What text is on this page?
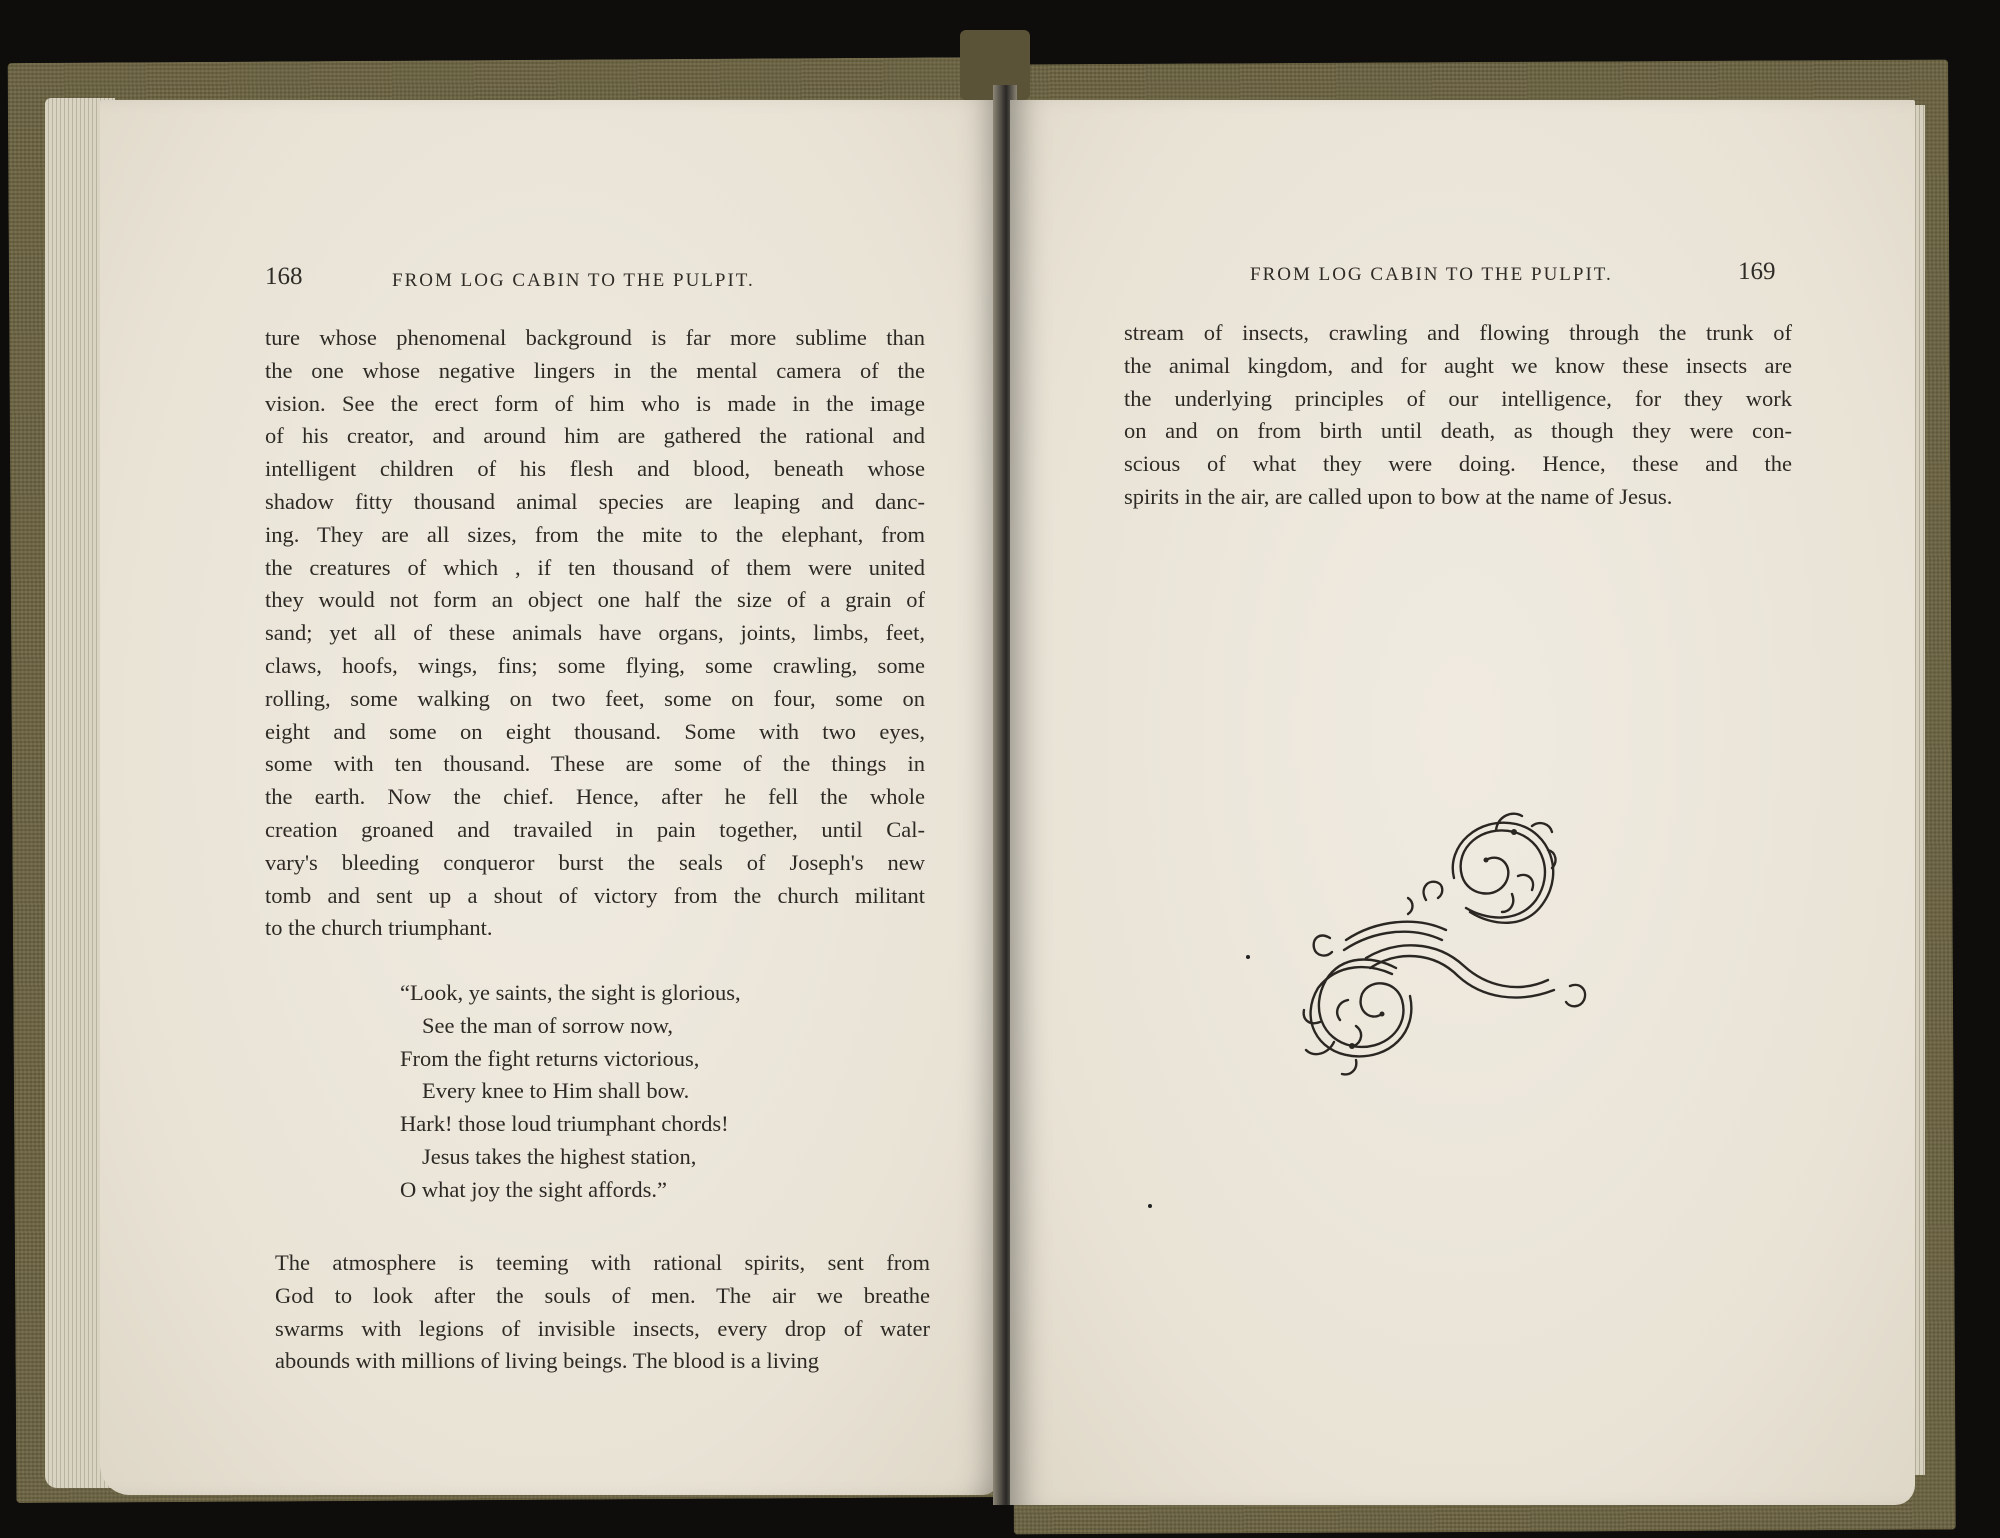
168	FROM LOG CABIN TO THE PULPIT.
ture whose phenomenal background is far more sublime than
the one whose negative lingers in the mental camera of the
vision. See the erect form of him who is made in the image
of his creator, and around him are gathered the rational and
intelligent children of his flesh and blood, beneath whose
shadow fitty thousand animal species are leaping and danc-
ing. They are all sizes, from the mite to the elephant, from
the creatures of which , if ten thousand of them were united
they would not form an object one half the size of a grain of
sand; yet all of these animals have organs, joints, limbs, feet,
claws, hoofs, wings, fins; some flying, some crawling, some
rolling, some walking on two feet, some on four, some on
eight and some on eight thousand. Some with two eyes,
some with ten thousand. These are some of the things in
the earth. Now the chief. Hence, after he fell the whole
creation groaned and travailed in pain together, until Cal-
vary's bleeding conqueror burst the seals of Joseph's new
tomb and sent up a shout of victory from the church militant
to the church triumphant.
“Look, ye saints, the sight is glorious,
See the man of sorrow now,
From the fight returns victorious,
Every knee to Him shall bow.
Hark! those loud triumphant chords!
Jesus takes the highest station,
O what joy the sight affords.”
The atmosphere is teeming with rational spirits, sent from
God to look after the souls of men. The air we breathe
swarms with legions of invisible insects, every drop of water
abounds with millions of living beings. The blood is a living
FROM LOG CABIN TO THE PULPIT.	169
stream of insects, crawling and flowing through the trunk of
the animal kingdom, and for aught we know these insects are
the underlying principles of our intelligence, for they work
on and on from birth until death, as though they were con-
scious of what they were doing. Hence, these and the
spirits in the air, are called upon to bow at the name of Jesus.
